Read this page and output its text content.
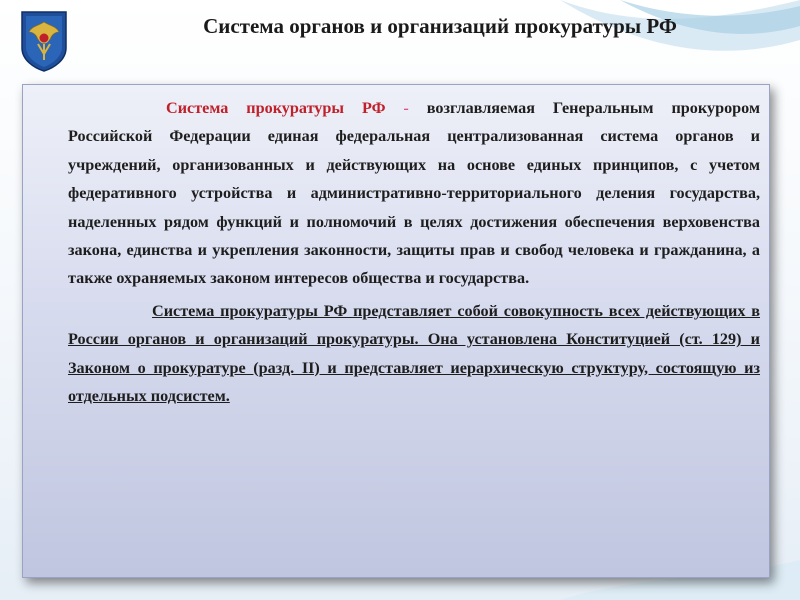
Система органов и организаций прокуратуры РФ

Система прокуратуры РФ - возглавляемая Генеральным прокурором Российской Федерации единая федеральная централизованная система органов и учреждений, организованных и действующих на основе единых принципов, с учетом федеративного устройства и административно-территориального деления государства, наделенных рядом функций и полномочий в целях достижения обеспечения верховенства закона, единства и укрепления законности, защиты прав и свобод человека и гражданина, а также охраняемых законом интересов общества и государства.

Система прокуратуры РФ представляет собой совокупность всех действующих в России органов и организаций прокуратуры. Она установлена Конституцией (ст. 129) и Законом о прокуратуре (разд. II) и представляет иерархическую структуру, состоящую из отдельных подсистем.
